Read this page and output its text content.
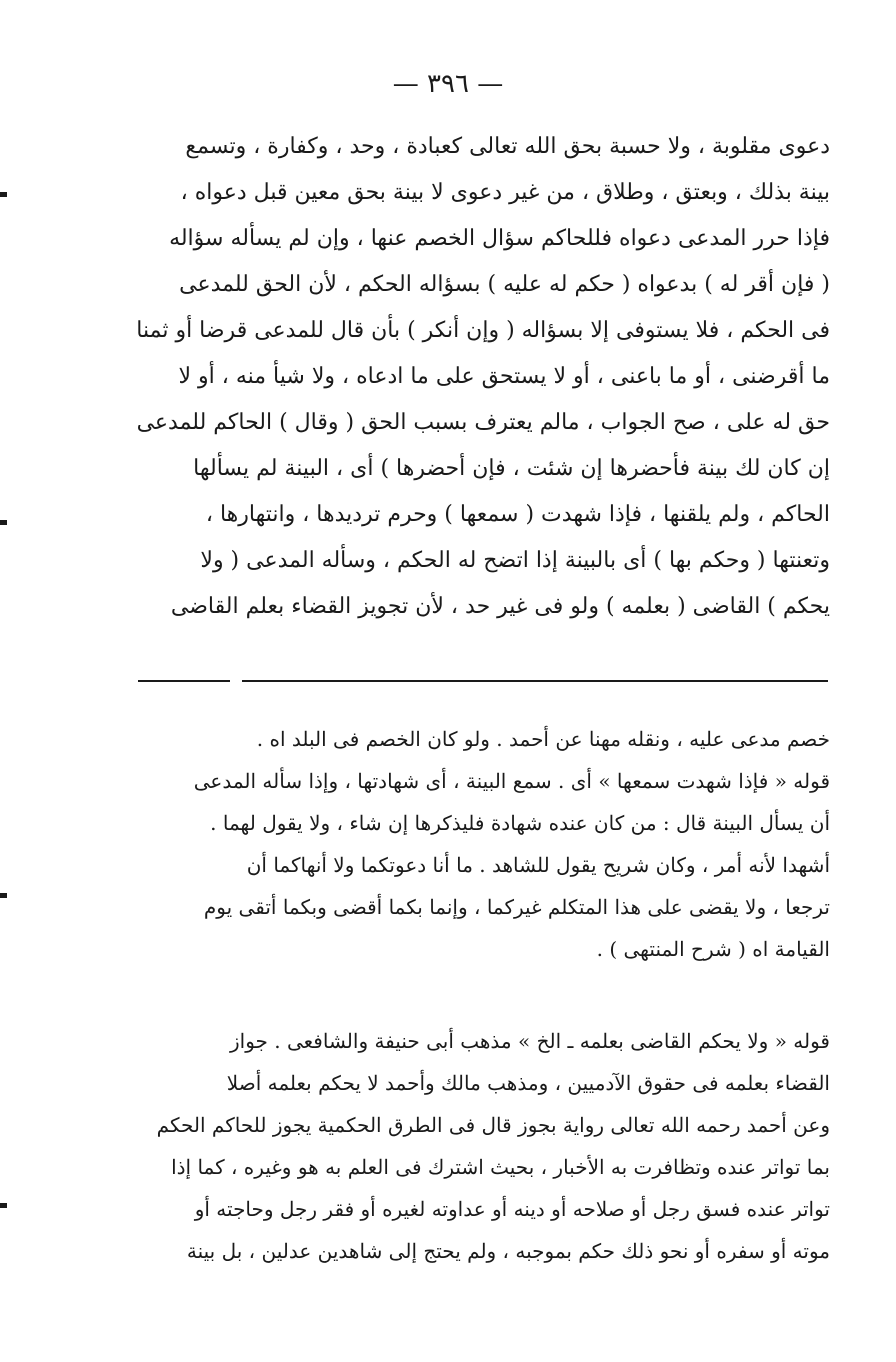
— ٣٩٦ —
دعوى مقلوبة ، ولا حسبة بحق الله تعالى كعبادة ، وحد ، وكفارة ، وتسمع
بينة بذلك ، وبعتق ، وطلاق ، من غير دعوى لا بينة بحق معين قبل دعواه ،
فإذا حرر المدعى دعواه فللحاكم سؤال الخصم عنها ، وإن لم يسأله سؤاله
( فإن أقر له ) بدعواه ( حكم له عليه ) بسؤاله الحكم ، لأن الحق للمدعى
فى الحكم ، فلا يستوفى إلا بسؤاله ( وإن أنكر ) بأن قال للمدعى قرضا أو ثمنا
ما أقرضنى ، أو ما باعنى ، أو لا يستحق على ما ادعاه ، ولا شيأ منه ، أو لا
حق له على ، صح الجواب ، مالم يعترف بسبب الحق ( وقال ) الحاكم للمدعى
إن كان لك بينة فأحضرها إن شئت ، فإن أحضرها ) أى ، البينة لم يسألها
الحاكم ، ولم يلقنها ، فإذا شهدت ( سمعها ) وحرم ترديدها ، وانتهارها ،
وتعنتها ( وحكم بها ) أى بالبينة إذا اتضح له الحكم ، وسأله المدعى ( ولا
يحكم ) القاضى ( بعلمه ) ولو فى غير حد ، لأن تجويز القضاء بعلم القاضى
خصم مدعى عليه ، ونقله مهنا عن أحمد . ولو كان الخصم فى البلد اه .
قوله « فإذا شهدت سمعها » أى . سمع البينة ، أى شهادتها ، وإذا سأله المدعى
أن يسأل البينة قال : من كان عنده شهادة فليذكرها إن شاء ، ولا يقول لهما .
أشهدا لأنه أمر ، وكان شريح يقول للشاهد . ما أنا دعوتكما ولا أنهاكما أن
ترجعا ، ولا يقضى على هذا المتكلم غيركما ، وإنما بكما أقضى وبكما أتقى يوم
القيامة اه ( شرح المنتهى ) .
قوله « ولا يحكم القاضى بعلمه ـ الخ » مذهب أبى حنيفة والشافعى . جواز
القضاء بعلمه فى حقوق الآدميين ، ومذهب مالك وأحمد لا يحكم بعلمه أصلا
وعن أحمد رحمه الله تعالى رواية بجوز قال فى الطرق الحكمية يجوز للحاكم الحكم
بما تواتر عنده وتظافرت به الأخبار ، بحيث اشترك فى العلم به هو وغيره ، كما إذا
تواتر عنده فسق رجل أو صلاحه أو دينه أو عداوته لغيره أو فقر رجل وحاجته أو
موته أو سفره أو نحو ذلك حكم بموجبه ، ولم يحتج إلى شاهدين عدلين ، بل بينة
